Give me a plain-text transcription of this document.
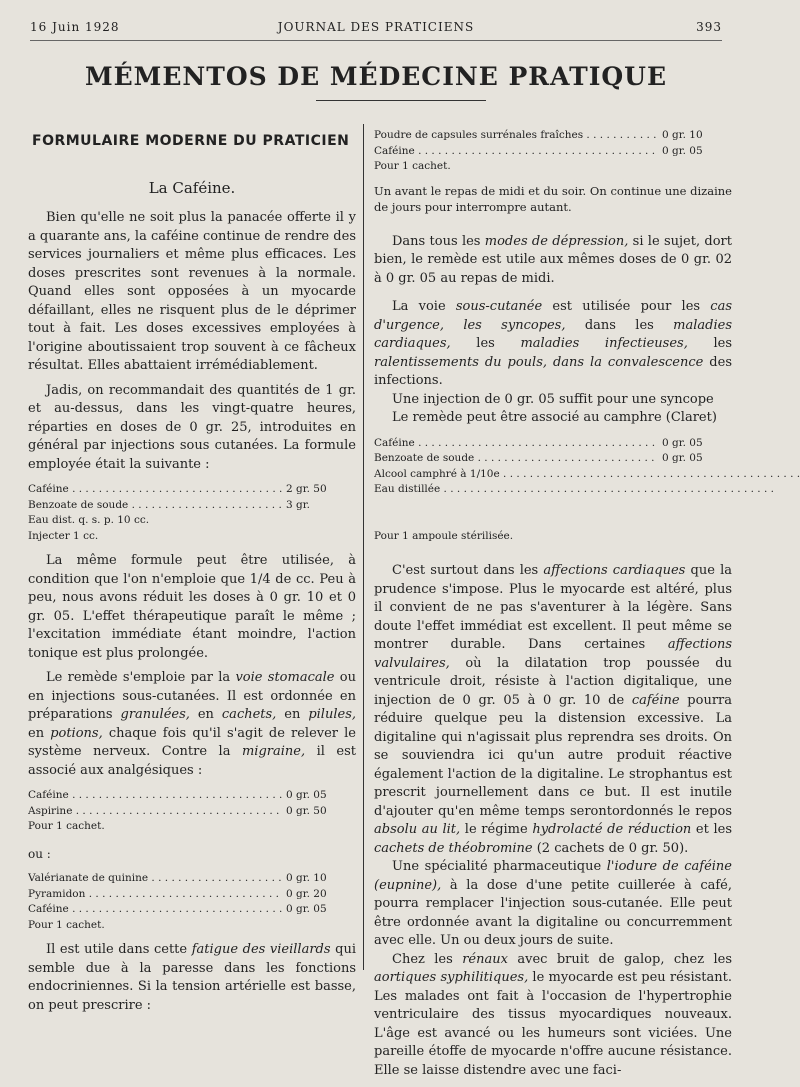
16 Juin 1928	JOURNAL DES PRATICIENS	393
MÉMENTOS DE MÉDECINE PRATIQUE
FORMULAIRE MODERNE DU PRATICIEN
La Caféine.

Bien qu'elle ne soit plus la panacée offerte il y a quarante ans, la caféine continue de rendre des services journaliers et même plus efficaces. Les doses prescrites sont revenues à la normale. Quand elles sont opposées à un myocarde défaillant, elles ne risquent plus de le déprimer tout à fait. Les doses excessives employées à l'origine aboutissaient trop souvent à ce fâcheux résultat. Elles abattaient irrémédiablement.

Jadis, on recommandait des quantités de 1 gr. et au-dessus, dans les vingt-quatre heures, réparties en doses de 0 gr. 25, introduites en général par injections sous cutanées. La formule employée était la suivante :

Caféine . . .	2 gr. 50
Benzoate de soude . . .	3 gr.
Eau dist. q. s. p. 10 cc.
Injecter 1 cc.

La même formule peut être utilisée, à condition que l'on n'emploie que 1/4 de cc. Peu à peu, nous avons réduit les doses à 0 gr. 10 et 0 gr. 05. L'effet thérapeutique paraît le même ; l'excitation immédiate étant moindre, l'action tonique est plus prolongée.

Le remède s'emploie par la voie stomacale ou en injections sous-cutanées. Il est ordonnée en préparations granulées, en cachets, en pilules, en potions, chaque fois qu'il s'agit de relever le système nerveux. Contre la migraine, il est associé aux analgésiques :

Caféine . . .	0 gr. 05
Aspirine . . .	0 gr. 50
Pour 1 cachet.
ou :
Valérianate de quinine . . .	0 gr. 10
Pyramidon . . .	0 gr. 20
Caféine . . .	0 gr. 05
Pour 1 cachet.

Il est utile dans cette fatigue des vieillards qui semble due à la paresse dans les fonctions endocriniennes. Si la tension artérielle est basse, on peut prescrire :

Poudre de capsules surrénales fraîches . . .	0 gr. 10
Caféine . . .	0 gr. 05
Pour 1 cachet.
Un avant le repas de midi et du soir. On continue une dizaine de jours pour interrompre autant.

Dans tous les modes de dépression, si le sujet, dort bien, le remède est utile aux mêmes doses de 0 gr. 02 à 0 gr. 05 au repas de midi.

La voie sous-cutanée est utilisée pour les cas d'urgence, les syncopes, dans les maladies cardiaques, les maladies infectieuses, les ralentissements du pouls, dans la convalescence des infections.

Une injection de 0 gr. 05 suffit pour une syncope

Le remède peut être associé au camphre (Claret)

Caféine . . .	0 gr. 05
Benzoate de soude . . .	0 gr. 05
Alcool camphré à 1/10e . . .
Eau distillée . . .
Pour 1 ampoule stérilisée.

C'est surtout dans les affections cardiaques que la prudence s'impose. Plus le myocarde est altéré, plus il convient de ne pas s'aventurer à la légère. Sans doute l'effet immédiat est excellent. Il peut même se montrer durable. Dans certaines affections valvulaires, où la dilatation trop poussée du ventricule droit, résiste à l'action digitalique, une injection de 0 gr. 05 à 0 gr. 10 de caféine pourra réduire quelque peu la distension excessive. La digitaline qui n'agissait plus reprendra ses droits. On se souviendra ici qu'un autre produit réactive également l'action de la digitaline. Le strophantus est prescrit journellement dans ce but. Il est inutile d'ajouter qu'en même temps serontordonnés le repos absolu au lit, le régime hydrolacté de réduction et les cachets de théobromine (2 cachets de 0 gr. 50).

Une spécialité pharmaceutique l'iodure de caféine (eupnine), à la dose d'une petite cuillerée à café, pourra remplacer l'injection sous-cutanée. Elle peut être ordonnée avant la digitaline ou concurremment avec elle. Un ou deux jours de suite.

Chez les rénaux avec bruit de galop, chez les aortiques syphilitiques, le myocarde est peu résistant. Les malades ont fait à l'occasion de l'hypertrophie ventriculaire des tissus myocardiques nouveaux. L'âge est avancé ou les humeurs sont viciées. Une pareille étoffe de myocarde n'offre aucune résistance. Elle se laisse distendre avec une faci-
